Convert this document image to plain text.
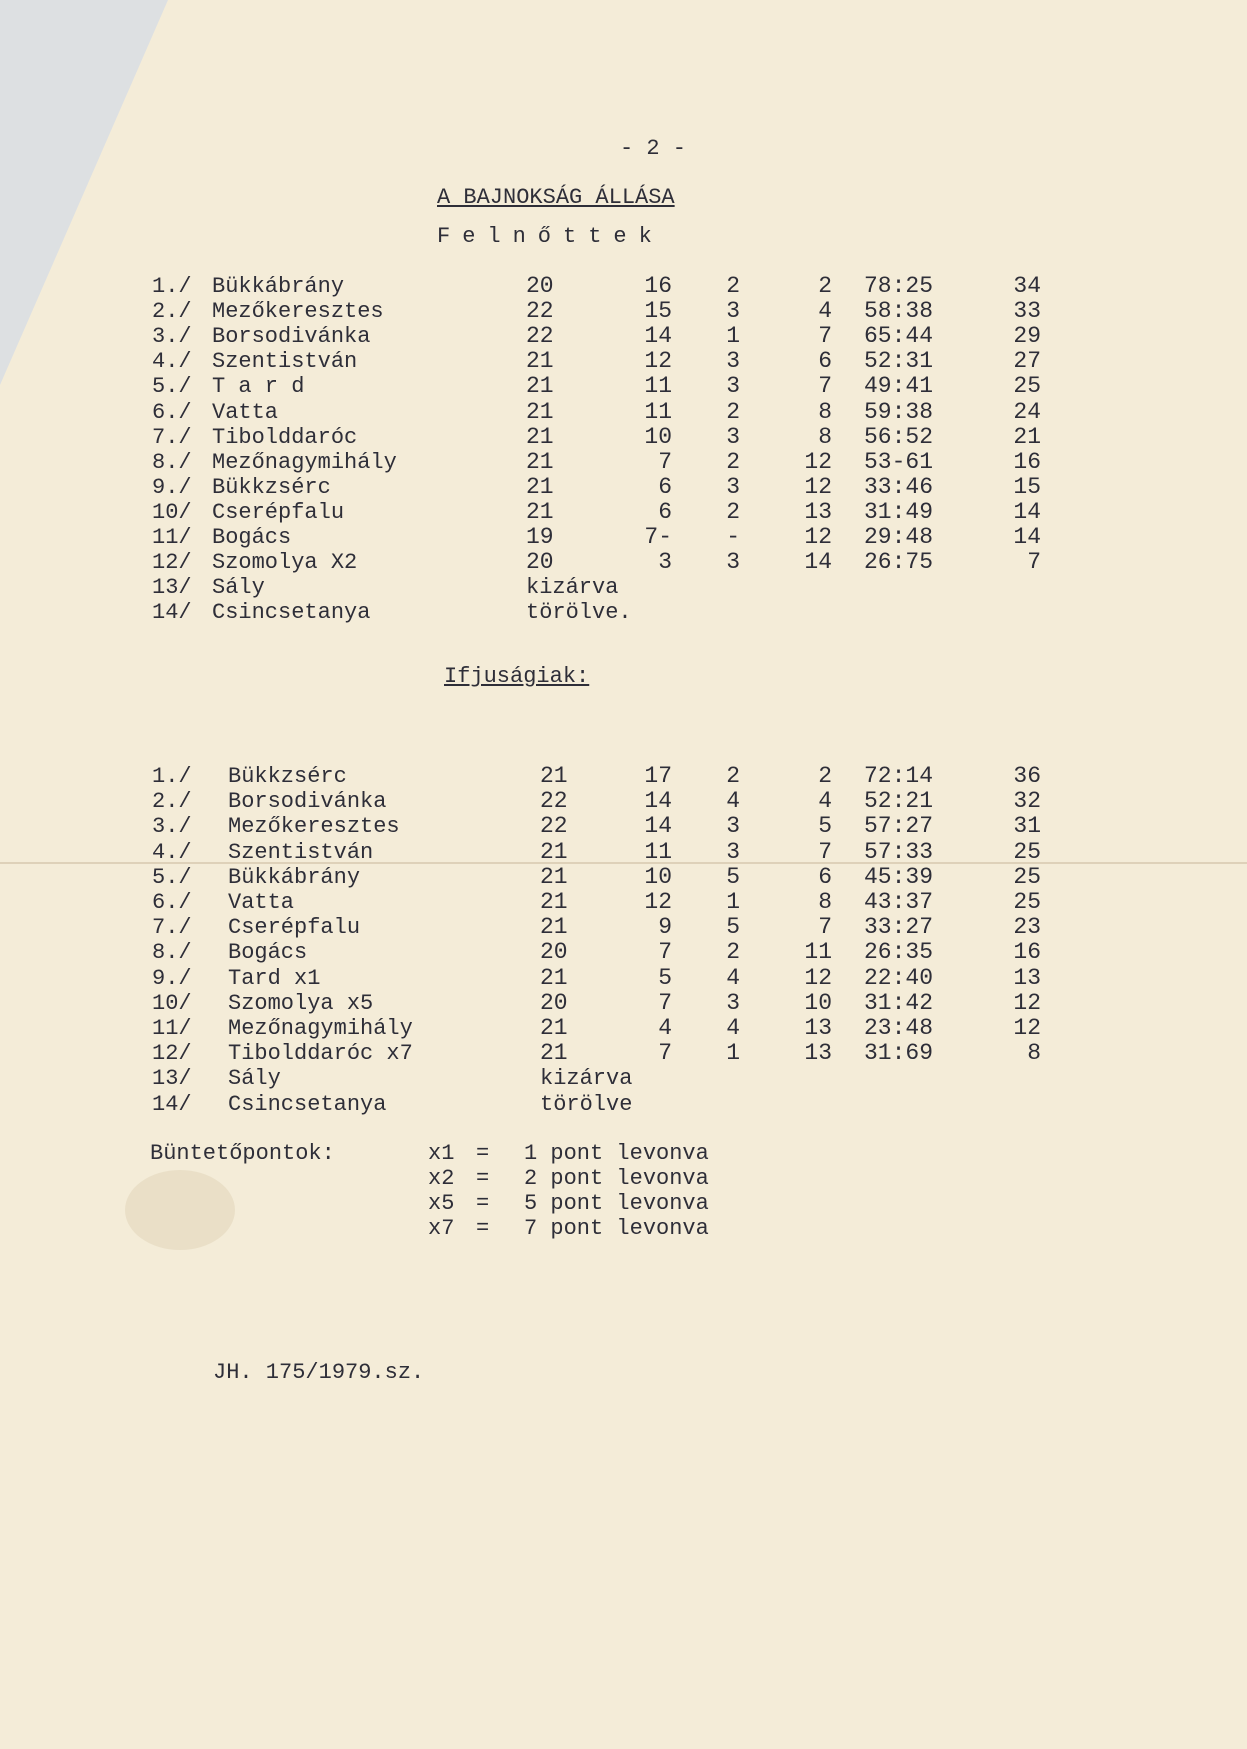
- 2 -
A BAJNOKSÁG ÁLLÁSA
Felnőttek
1./ Bükkábrány	20	16	2	2 78:25	34
2./ Mezőkeresztes	22	15	3	4 58:38	33
3./ Borsodivánka	22	14	1	7 65:44	29
4./ Szentistván	21	12	3	6 52:31	27
5./ T a r d	21	11	3	7 49:41	25
6./ Vatta	21	11	2	8 59:38	24
7./ Tibolddaróc	21	10	3	8 56:52	21
8./ Mezőnagymihály	21	7	2	12 53-61	16
9./ Bükkzsérc	21	6	3	12 33:46	15
10/ Cserépfalu	21	6	2	13 31:49	14
11/ Bogács	19	7-	-	12 29:48	14
12/ Szomolya X2	20	3	3	14 26:75	7
13/ Sály	kizárva
14/ Csincsetanya	törölve.
Ifjuságiak:
1./	Bükkzsérc	21	17	2	2 72:14	36
2./	Borsodivánka	22	14	4	4 52:21	32
3./	Mezőkeresztes	22	14	3	5 57:27	31
4./	Szentistván	21	11	3	7 57:33	25
5./	Bükkábrány	21	10	5	6 45:39	25
6./	Vatta	21	12	1	8 43:37	25
7./	Cserépfalu	21	9	5	7 33:27	23
8./	Bogács	20	7	2	11 26:35	16
9./	Tard x1	21	5	4	12 22:40	13
10/	Szomolya x5	20	7	3	10 31:42	12
11/	Mezőnagymihály	21	4	4	13 23:48	12
12/	Tibolddaróc x7	21	7	1	13 31:69	8
13/	Sály	kizárva
14/	Csincsetanya	törölve
Büntetőpontok:	x1 = 1 pont levonva
x2 = 2 pont levonva
x5 = 5 pont levonva
x7 = 7 pont levonva
JH. 175/1979.sz.
